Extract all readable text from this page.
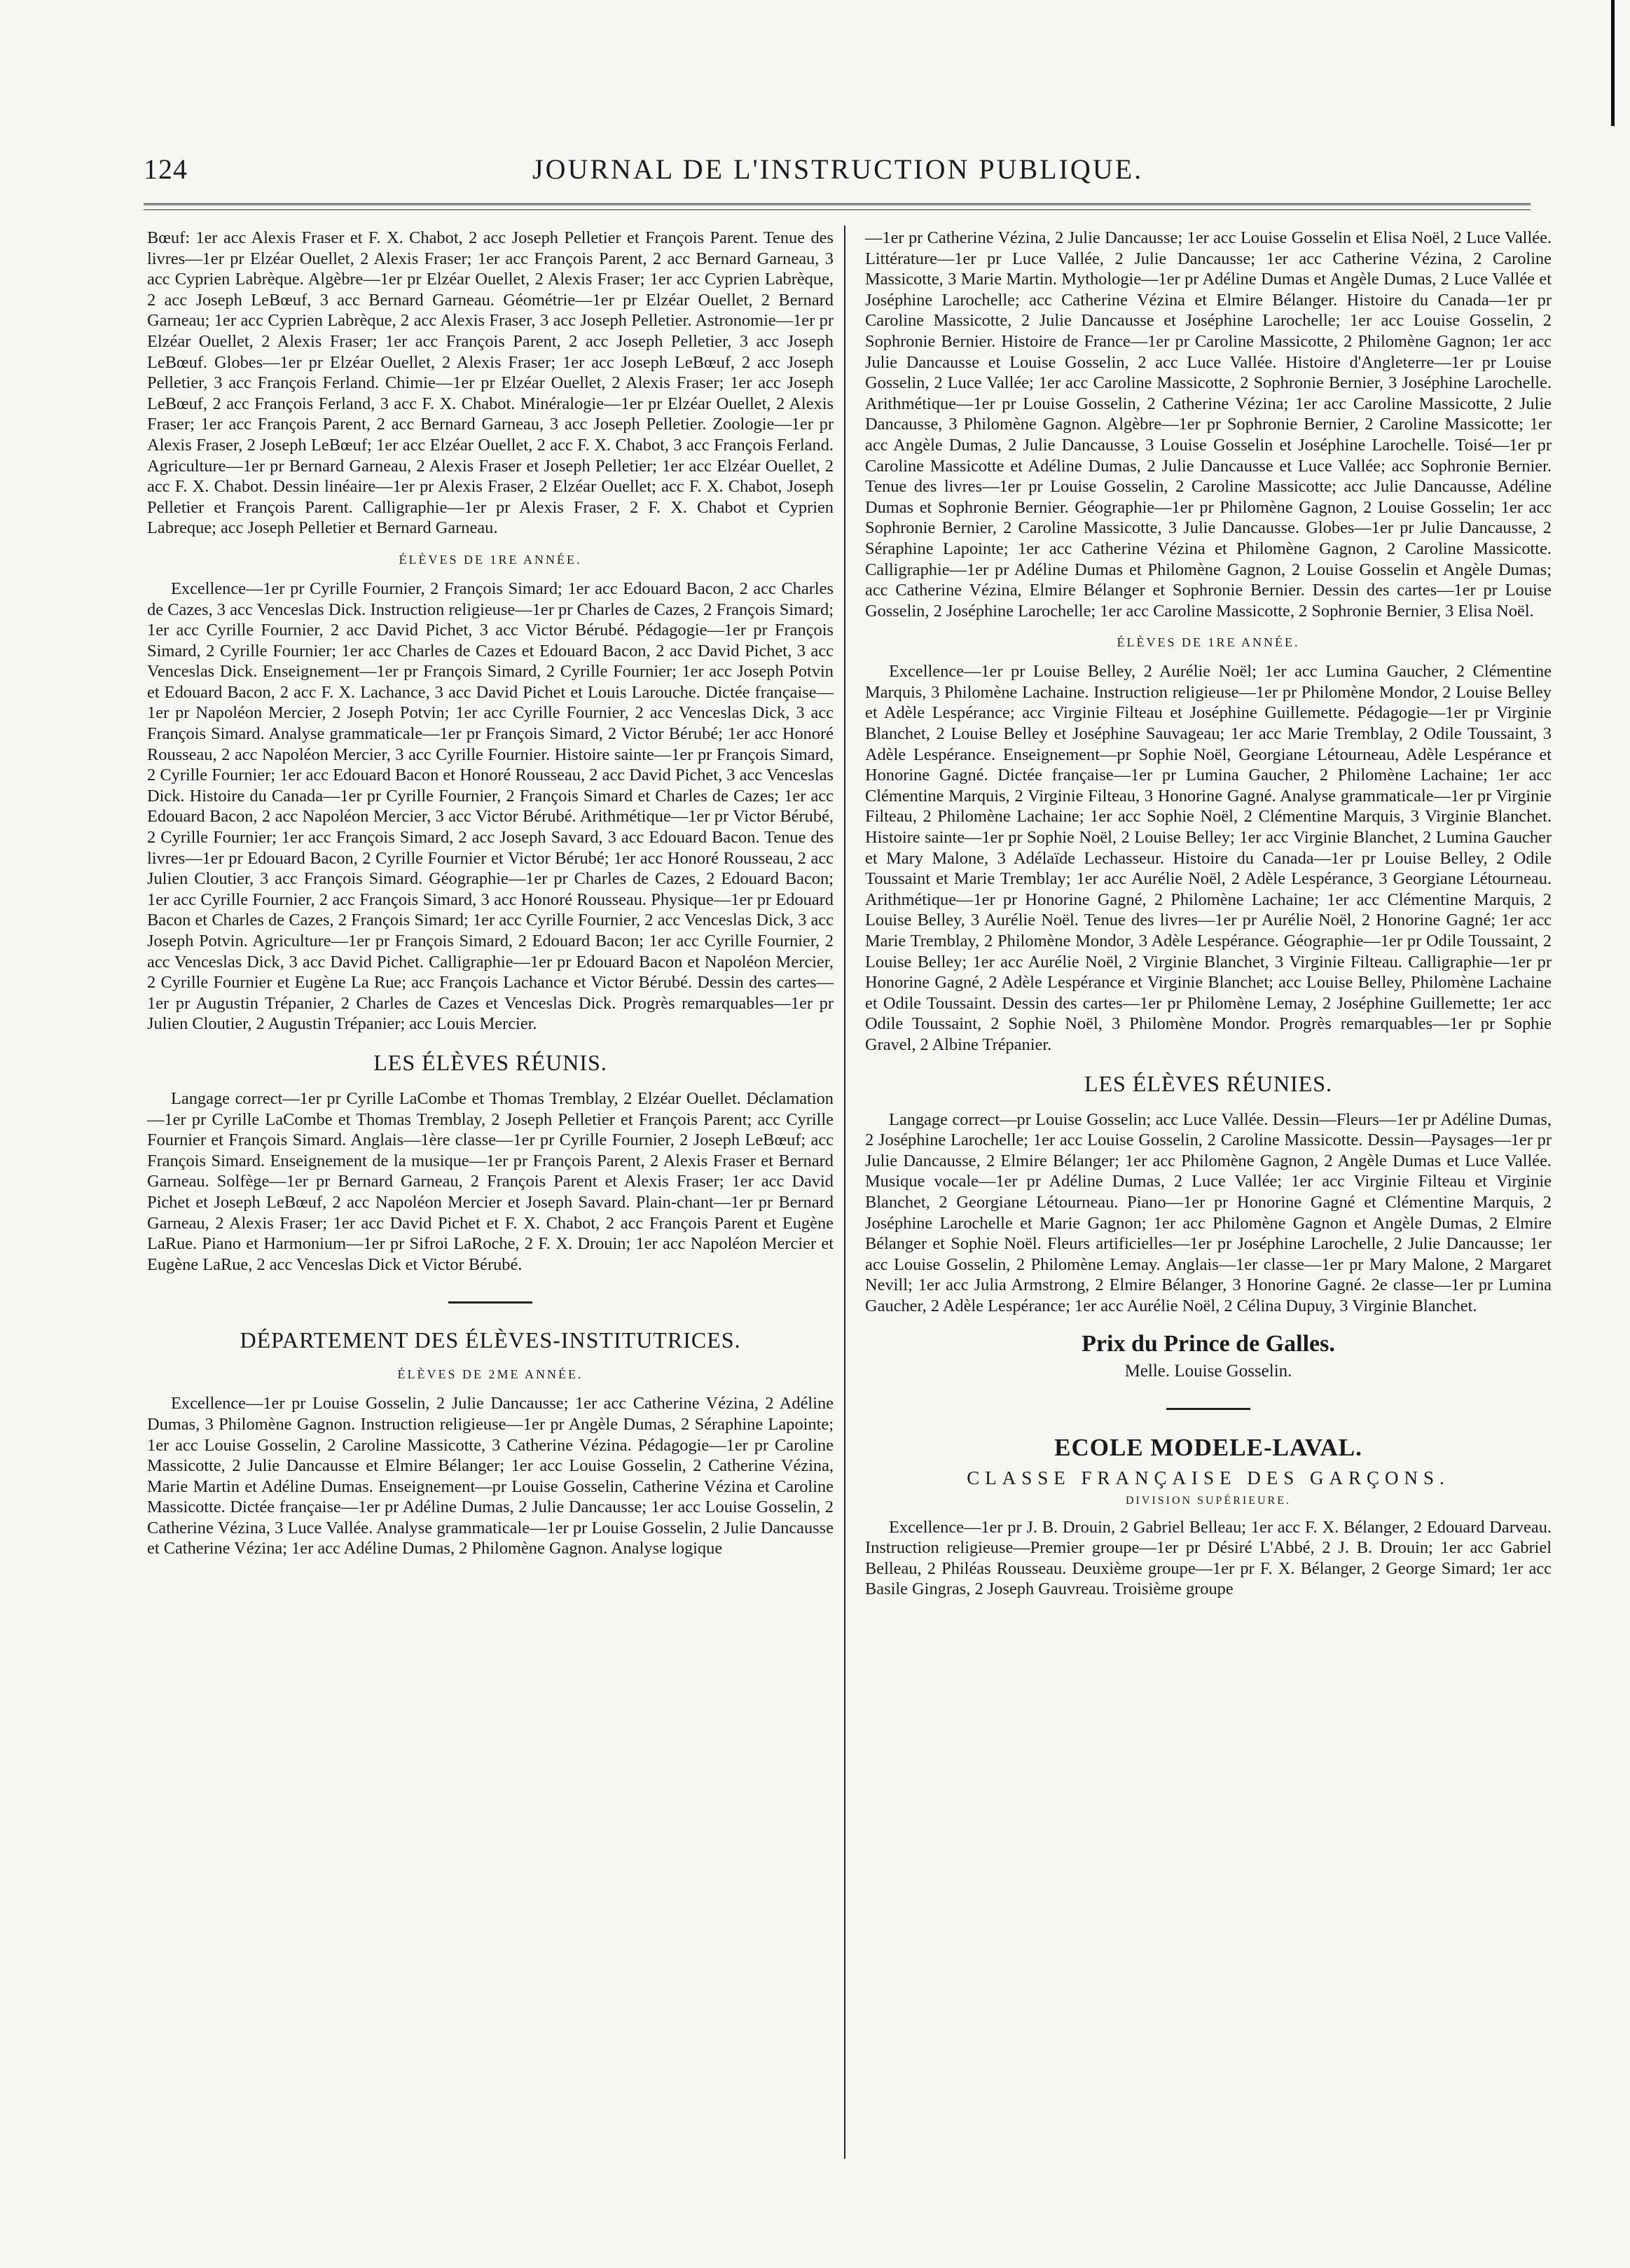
124	JOURNAL DE L'INSTRUCTION PUBLIQUE.

Bœuf: 1er acc Alexis Fraser et F. X. Chabot, 2 acc Joseph Pelletier et François Parent. Tenue des livres—1er pr Elzéar Ouellet, 2 Alexis Fraser; 1er acc François Parent, 2 acc Bernard Garneau, 3 acc Cyprien Labrèque. Algèbre—1er pr Elzéar Ouellet, 2 Alexis Fraser; 1er acc Cyprien Labrèque, 2 acc Joseph LeBœuf, 3 acc Bernard Garneau. Géométrie—1er pr Elzéar Ouellet, 2 Bernard Garneau; 1er acc Cyprien Labrèque, 2 acc Alexis Fraser, 3 acc Joseph Pelletier. Astronomie—1er pr Elzéar Ouellet, 2 Alexis Fraser; 1er acc François Parent, 2 acc Joseph Pelletier, 3 acc Joseph LeBœuf. Globes—1er pr Elzéar Ouellet, 2 Alexis Fraser; 1er acc Joseph LeBœuf, 2 acc Joseph Pelletier, 3 acc François Ferland. Chimie—1er pr Elzéar Ouellet, 2 Alexis Fraser; 1er acc Joseph LeBœuf, 2 acc François Ferland, 3 acc F. X. Chabot. Minéralogie—1er pr Elzéar Ouellet, 2 Alexis Fraser; 1er acc François Parent, 2 acc Bernard Garneau, 3 acc Joseph Pelletier. Zoologie—1er pr Alexis Fraser, 2 Joseph LeBœuf; 1er acc Elzéar Ouellet, 2 acc F. X. Chabot, 3 acc François Ferland. Agriculture—1er pr Bernard Garneau, 2 Alexis Fraser et Joseph Pelletier; 1er acc Elzéar Ouellet, 2 acc F. X. Chabot. Dessin linéaire—1er pr Alexis Fraser, 2 Elzéar Ouellet; acc F. X. Chabot, Joseph Pelletier et François Parent. Calligraphie—1er pr Alexis Fraser, 2 F. X. Chabot et Cyprien Labreque; acc Joseph Pelletier et Bernard Garneau.

ÉLÈVES DE 1RE ANNÉE.

Excellence—1er pr Cyrille Fournier, 2 François Simard; 1er acc Edouard Bacon, 2 acc Charles de Cazes, 3 acc Venceslas Dick. Instruction religieuse—1er pr Charles de Cazes, 2 François Simard; 1er acc Cyrille Fournier, 2 acc David Pichet, 3 acc Victor Bérubé. Pédagogie—1er pr François Simard, 2 Cyrille Fournier; 1er acc Charles de Cazes et Edouard Bacon, 2 acc David Pichet, 3 acc Venceslas Dick. Enseignement—1er pr François Simard, 2 Cyrille Fournier; 1er acc Joseph Potvin et Edouard Bacon, 2 acc F. X. Lachance, 3 acc David Pichet et Louis Larouche. Dictée française—1er pr Napoléon Mercier, 2 Joseph Potvin; 1er acc Cyrille Fournier, 2 acc Venceslas Dick, 3 acc François Simard. Analyse grammaticale—1er pr François Simard, 2 Victor Bérubé; 1er acc Honoré Rousseau, 2 acc Napoléon Mercier, 3 acc Cyrille Fournier. Histoire sainte—1er pr François Simard, 2 Cyrille Fournier; 1er acc Edouard Bacon et Honoré Rousseau, 2 acc David Pichet, 3 acc Venceslas Dick. Histoire du Canada—1er pr Cyrille Fournier, 2 François Simard et Charles de Cazes; 1er acc Edouard Bacon, 2 acc Napoléon Mercier, 3 acc Victor Bérubé. Arithmétique—1er pr Victor Bérubé, 2 Cyrille Fournier; 1er acc François Simard, 2 acc Joseph Savard, 3 acc Edouard Bacon. Tenue des livres—1er pr Edouard Bacon, 2 Cyrille Fournier et Victor Bérubé; 1er acc Honoré Rousseau, 2 acc Julien Cloutier, 3 acc François Simard. Géographie—1er pr Charles de Cazes, 2 Edouard Bacon; 1er acc Cyrille Fournier, 2 acc François Simard, 3 acc Honoré Rousseau. Physique—1er pr Edouard Bacon et Charles de Cazes, 2 François Simard; 1er acc Cyrille Fournier, 2 acc Venceslas Dick, 3 acc Joseph Potvin. Agriculture—1er pr François Simard, 2 Edouard Bacon; 1er acc Cyrille Fournier, 2 acc Venceslas Dick, 3 acc David Pichet. Calligraphie—1er pr Edouard Bacon et Napoléon Mercier, 2 Cyrille Fournier et Eugène La Rue; acc François Lachance et Victor Bérubé. Dessin des cartes—1er pr Augustin Trépanier, 2 Charles de Cazes et Venceslas Dick. Progrès remarquables—1er pr Julien Cloutier, 2 Augustin Trépanier; acc Louis Mercier.

LES ÉLÈVES RÉUNIS.

Langage correct—1er pr Cyrille LaCombe et Thomas Tremblay, 2 Elzéar Ouellet. Déclamation—1er pr Cyrille LaCombe et Thomas Tremblay, 2 Joseph Pelletier et François Parent; acc Cyrille Fournier et François Simard. Anglais—1ère classe—1er pr Cyrille Fournier, 2 Joseph LeBœuf; acc François Simard. Enseignement de la musique—1er pr François Parent, 2 Alexis Fraser et Bernard Garneau. Solfège—1er pr Bernard Garneau, 2 François Parent et Alexis Fraser; 1er acc David Pichet et Joseph LeBœuf, 2 acc Napoléon Mercier et Joseph Savard. Plain-chant—1er pr Bernard Garneau, 2 Alexis Fraser; 1er acc David Pichet et F. X. Chabot, 2 acc François Parent et Eugène LaRue. Piano et Harmonium—1er pr Sifroi LaRoche, 2 F. X. Drouin; 1er acc Napoléon Mercier et Eugène LaRue, 2 acc Venceslas Dick et Victor Bérubé.

DÉPARTEMENT DES ÉLÈVES-INSTITUTRICES.
ÉLÈVES DE 2ME ANNÉE.

Excellence—1er pr Louise Gosselin, 2 Julie Dancausse; 1er acc Catherine Vézina, 2 Adéline Dumas, 3 Philomène Gagnon. Instruction religieuse—1er pr Angèle Dumas, 2 Séraphine Lapointe; 1er acc Louise Gosselin, 2 Caroline Massicotte, 3 Catherine Vézina. Pédagogie—1er pr Caroline Massicotte, 2 Julie Dancausse et Elmire Bélanger; 1er acc Louise Gosselin, 2 Catherine Vézina, Marie Martin et Adéline Dumas. Enseignement—pr Louise Gosselin, Catherine Vézina et Caroline Massicotte. Dictée française—1er pr Adéline Dumas, 2 Julie Dancausse; 1er acc Louise Gosselin, 2 Catherine Vézina, 3 Luce Vallée. Analyse grammaticale—1er pr Louise Gosselin, 2 Julie Dancausse et Catherine Vézina; 1er acc Adéline Dumas, 2 Philomène Gagnon. Analyse logique

—1er pr Catherine Vézina, 2 Julie Dancausse; 1er acc Louise Gosselin et Elisa Noël, 2 Luce Vallée. Littérature—1er pr Luce Vallée, 2 Julie Dancausse; 1er acc Catherine Vézina, 2 Caroline Massicotte, 3 Marie Martin. Mythologie—1er pr Adéline Dumas et Angèle Dumas, 2 Luce Vallée et Joséphine Larochelle; acc Catherine Vézina et Elmire Bélanger. Histoire du Canada—1er pr Caroline Massicotte, 2 Julie Dancausse et Joséphine Larochelle; 1er acc Louise Gosselin, 2 Sophronie Bernier. Histoire de France—1er pr Caroline Massicotte, 2 Philomène Gagnon; 1er acc Julie Dancausse et Louise Gosselin, 2 acc Luce Vallée. Histoire d'Angleterre—1er pr Louise Gosselin, 2 Luce Vallée; 1er acc Caroline Massicotte, 2 Sophronie Bernier, 3 Joséphine Larochelle. Arithmétique—1er pr Louise Gosselin, 2 Catherine Vézina; 1er acc Caroline Massicotte, 2 Julie Dancausse, 3 Philomène Gagnon. Algèbre—1er pr Sophronie Bernier, 2 Caroline Massicotte; 1er acc Angèle Dumas, 2 Julie Dancausse, 3 Louise Gosselin et Joséphine Larochelle. Toisé—1er pr Caroline Massicotte et Adéline Dumas, 2 Julie Dancausse et Luce Vallée; acc Sophronie Bernier. Tenue des livres—1er pr Louise Gosselin, 2 Caroline Massicotte; acc Julie Dancausse, Adéline Dumas et Sophronie Bernier. Géographie—1er pr Philomène Gagnon, 2 Louise Gosselin; 1er acc Sophronie Bernier, 2 Caroline Massicotte, 3 Julie Dancausse. Globes—1er pr Julie Dancausse, 2 Séraphine Lapointe; 1er acc Catherine Vézina et Philomène Gagnon, 2 Caroline Massicotte. Calligraphie—1er pr Adéline Dumas et Philomène Gagnon, 2 Louise Gosselin et Angèle Dumas; acc Catherine Vézina, Elmire Bélanger et Sophronie Bernier. Dessin des cartes—1er pr Louise Gosselin, 2 Joséphine Larochelle; 1er acc Caroline Massicotte, 2 Sophronie Bernier, 3 Elisa Noël.

ÉLÈVES DE 1RE ANNÉE.

Excellence—1er pr Louise Belley, 2 Aurélie Noël; 1er acc Lumina Gaucher, 2 Clémentine Marquis, 3 Philomène Lachaine. Instruction religieuse—1er pr Philomène Mondor, 2 Louise Belley et Adèle Lespérance; acc Virginie Filteau et Joséphine Guillemette. Pédagogie—1er pr Virginie Blanchet, 2 Louise Belley et Joséphine Sauvageau; 1er acc Marie Tremblay, 2 Odile Toussaint, 3 Adèle Lespérance. Enseignement—pr Sophie Noël, Georgiane Létourneau, Adèle Lespérance et Honorine Gagné. Dictée française—1er pr Lumina Gaucher, 2 Philomène Lachaine; 1er acc Clémentine Marquis, 2 Virginie Filteau, 3 Honorine Gagné. Analyse grammaticale—1er pr Virginie Filteau, 2 Philomène Lachaine; 1er acc Sophie Noël, 2 Clémentine Marquis, 3 Virginie Blanchet. Histoire sainte—1er pr Sophie Noël, 2 Louise Belley; 1er acc Virginie Blanchet, 2 Lumina Gaucher et Mary Malone, 3 Adélaïde Lechasseur. Histoire du Canada—1er pr Louise Belley, 2 Odile Toussaint et Marie Tremblay; 1er acc Aurélie Noël, 2 Adèle Lespérance, 3 Georgiane Létourneau. Arithmétique—1er pr Honorine Gagné, 2 Philomène Lachaine; 1er acc Clémentine Marquis, 2 Louise Belley, 3 Aurélie Noël. Tenue des livres—1er pr Aurélie Noël, 2 Honorine Gagné; 1er acc Marie Tremblay, 2 Philomène Mondor, 3 Adèle Lespérance. Géographie—1er pr Odile Toussaint, 2 Louise Belley; 1er acc Aurélie Noël, 2 Virginie Blanchet, 3 Virginie Filteau. Calligraphie—1er pr Honorine Gagné, 2 Adèle Lespérance et Virginie Blanchet; acc Louise Belley, Philomène Lachaine et Odile Toussaint. Dessin des cartes—1er pr Philomène Lemay, 2 Joséphine Guillemette; 1er acc Odile Toussaint, 2 Sophie Noël, 3 Philomène Mondor. Progrès remarquables—1er pr Sophie Gravel, 2 Albine Trépanier.

LES ÉLÈVES RÉUNIES.

Langage correct—pr Louise Gosselin; acc Luce Vallée. Dessin—Fleurs—1er pr Adéline Dumas, 2 Joséphine Larochelle; 1er acc Louise Gosselin, 2 Caroline Massicotte. Dessin—Paysages—1er pr Julie Dancausse, 2 Elmire Bélanger; 1er acc Philomène Gagnon, 2 Angèle Dumas et Luce Vallée. Musique vocale—1er pr Adéline Dumas, 2 Luce Vallée; 1er acc Virginie Filteau et Virginie Blanchet, 2 Georgiane Létourneau. Piano—1er pr Honorine Gagné et Clémentine Marquis, 2 Joséphine Larochelle et Marie Gagnon; 1er acc Philomène Gagnon et Angèle Dumas, 2 Elmire Bélanger et Sophie Noël. Fleurs artificielles—1er pr Joséphine Larochelle, 2 Julie Dancausse; 1er acc Louise Gosselin, 2 Philomène Lemay. Anglais—1er classe—1er pr Mary Malone, 2 Margaret Nevill; 1er acc Julia Armstrong, 2 Elmire Bélanger, 3 Honorine Gagné. 2e classe—1er pr Lumina Gaucher, 2 Adèle Lespérance; 1er acc Aurélie Noël, 2 Célina Dupuy, 3 Virginie Blanchet.

Prix du Prince de Galles.
Melle. Louise Gosselin.
ECOLE MODELE-LAVAL.
CLASSE FRANÇAISE DES GARÇONS.
DIVISION SUPÉRIEURE.

Excellence—1er pr J. B. Drouin, 2 Gabriel Belleau; 1er acc F. X. Bélanger, 2 Edouard Darveau. Instruction religieuse—Premier groupe—1er pr Désiré L'Abbé, 2 J. B. Drouin; 1er acc Gabriel Belleau, 2 Philéas Rousseau. Deuxième groupe—1er pr F. X. Bélanger, 2 George Simard; 1er acc Basile Gingras, 2 Joseph Gauvreau. Troisième groupe
